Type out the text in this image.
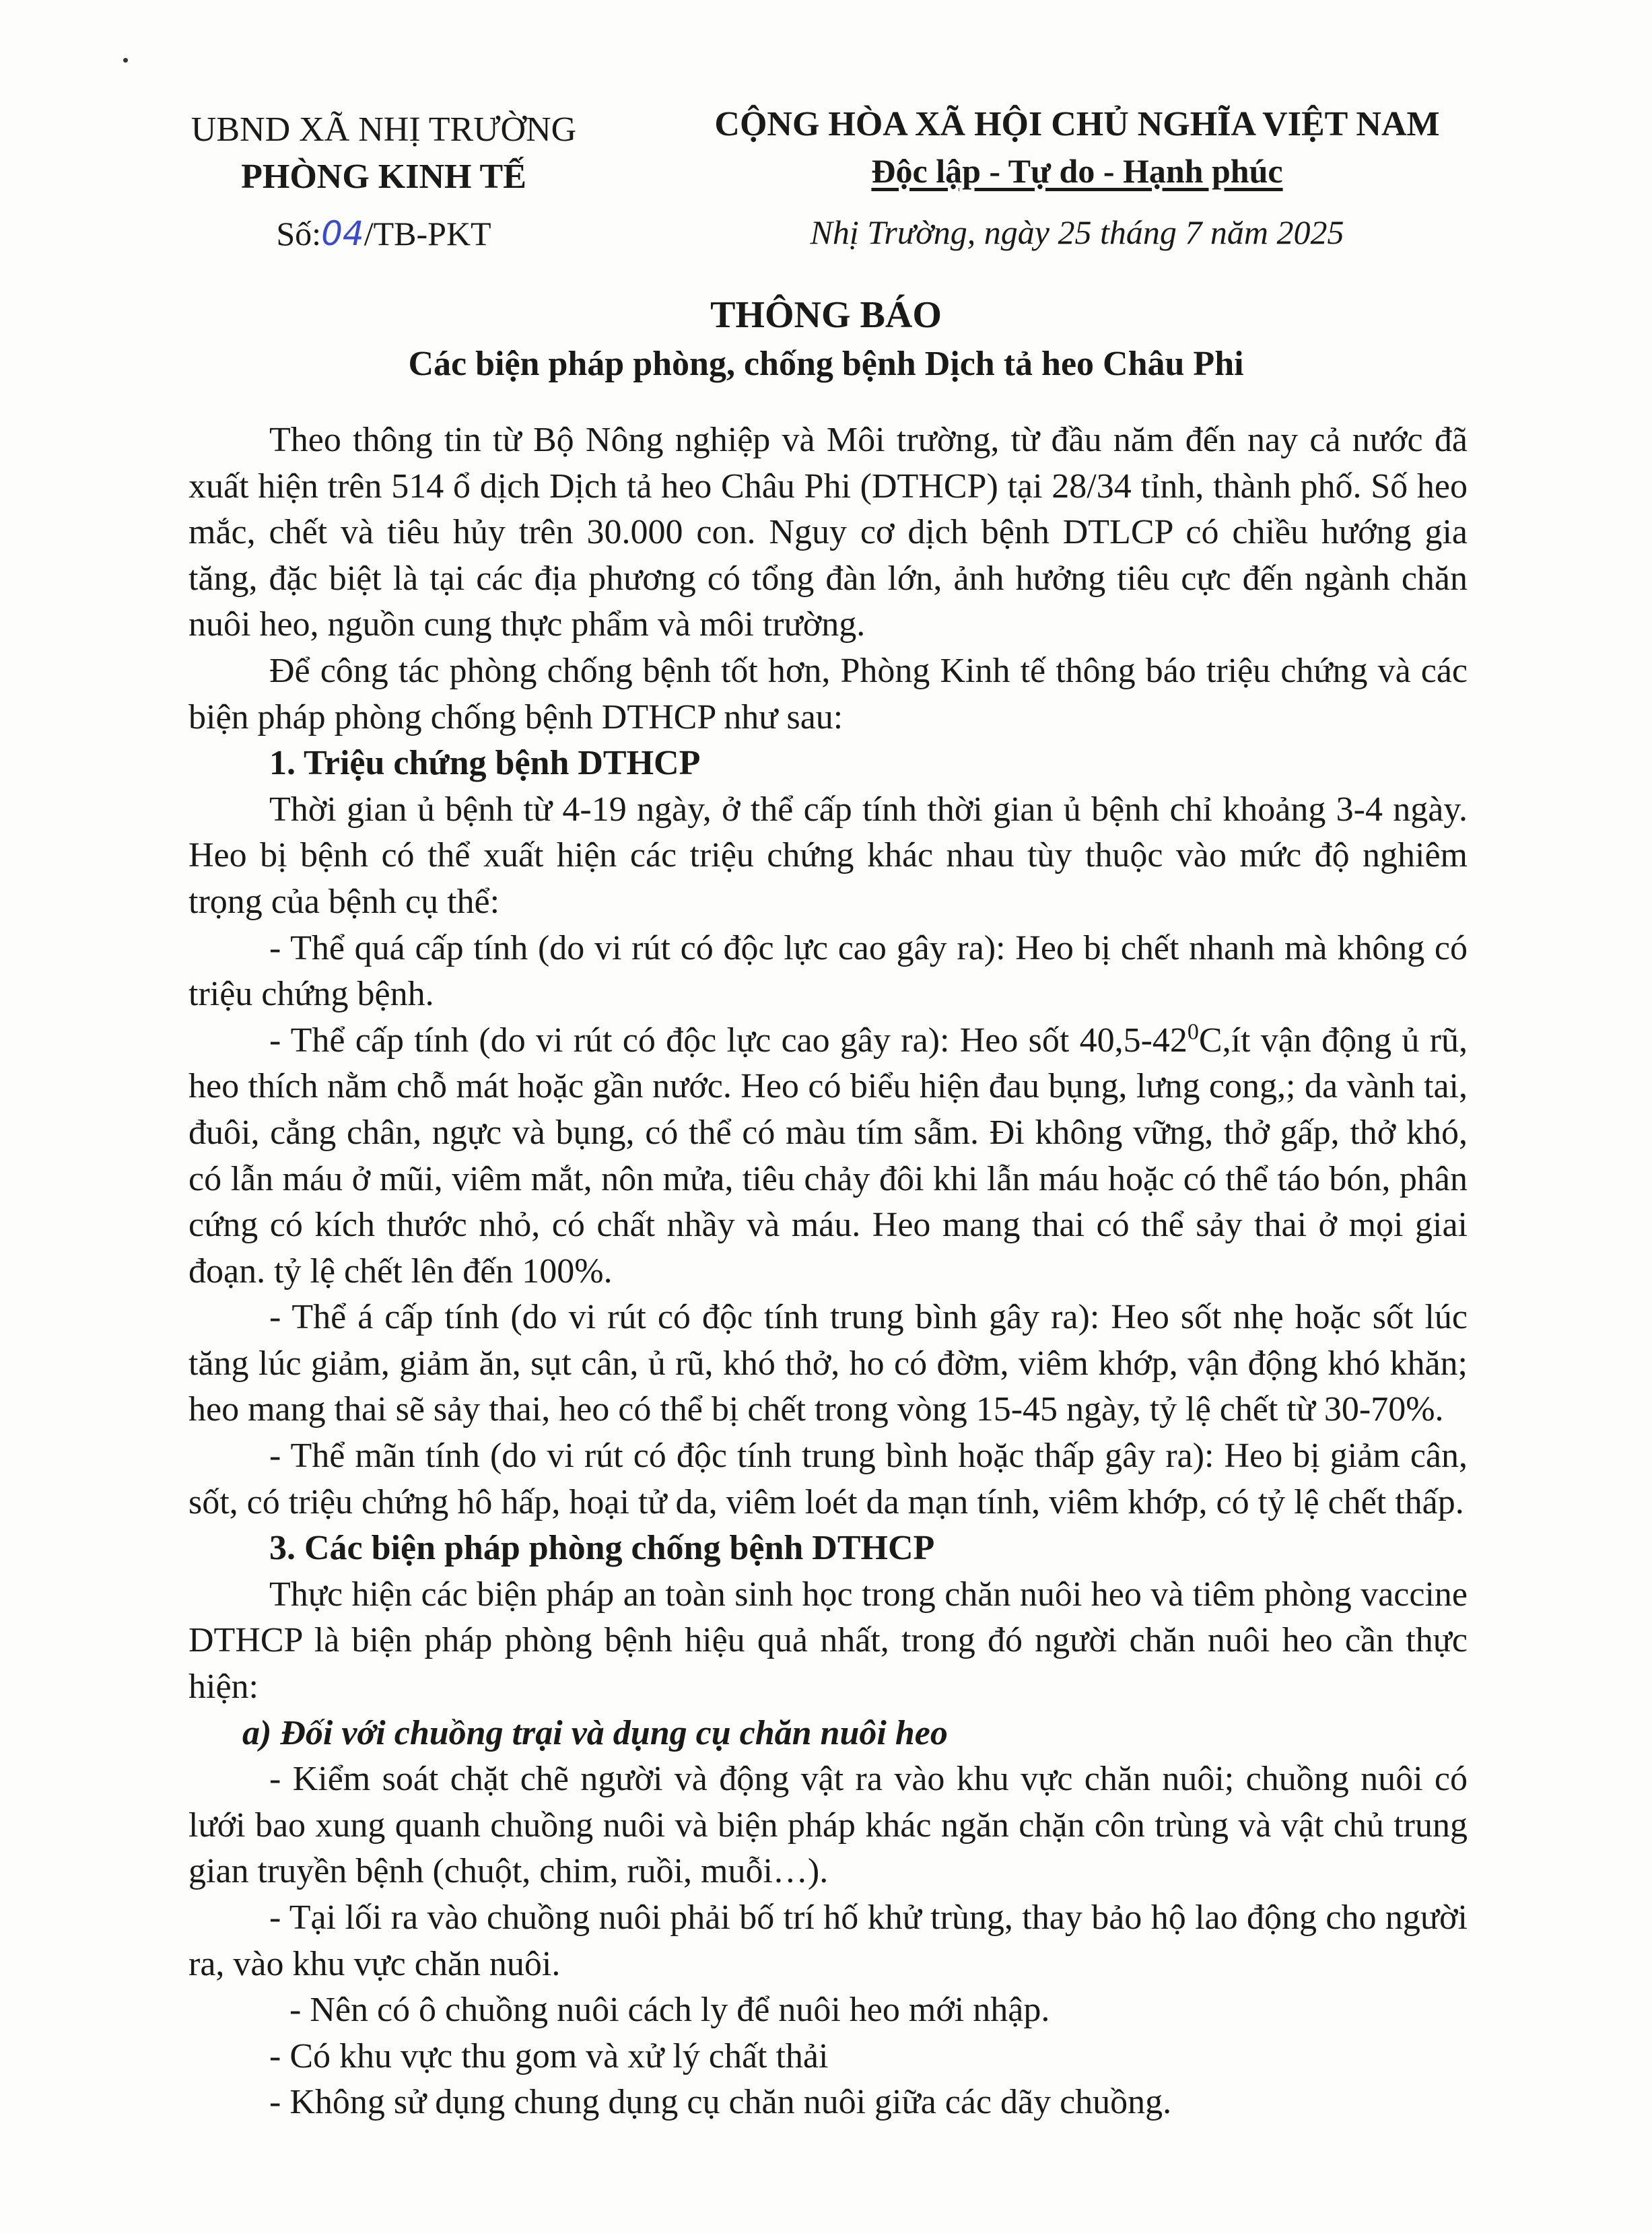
UBND XÃ NHỊ TRƯỜNG
PHÒNG KINH TẾ
Số:04/TB-PKT
CỘNG HÒA XÃ HỘI CHỦ NGHĨA VIỆT NAM
Độc lập - Tự do - Hạnh phúc
Nhị Trường, ngày 25 tháng 7 năm 2025
THÔNG BÁO
Các biện pháp phòng, chống bệnh Dịch tả heo Châu Phi

Theo thông tin từ Bộ Nông nghiệp và Môi trường, từ đầu năm đến nay cả nước đã xuất hiện trên 514 ổ dịch Dịch tả heo Châu Phi (DTHCP) tại 28/34 tỉnh, thành phố. Số heo mắc, chết và tiêu hủy trên 30.000 con. Nguy cơ dịch bệnh DTLCP có chiều hướng gia tăng, đặc biệt là tại các địa phương có tổng đàn lớn, ảnh hưởng tiêu cực đến ngành chăn nuôi heo, nguồn cung thực phẩm và môi trường.

Để công tác phòng chống bệnh tốt hơn, Phòng Kinh tế thông báo triệu chứng và các biện pháp phòng chống bệnh DTHCP như sau:

1. Triệu chứng bệnh DTHCP

Thời gian ủ bệnh từ 4-19 ngày, ở thể cấp tính thời gian ủ bệnh chỉ khoảng 3-4 ngày. Heo bị bệnh có thể xuất hiện các triệu chứng khác nhau tùy thuộc vào mức độ nghiêm trọng của bệnh cụ thể:

- Thể quá cấp tính (do vi rút có độc lực cao gây ra): Heo bị chết nhanh mà không có triệu chứng bệnh.

- Thể cấp tính (do vi rút có độc lực cao gây ra): Heo sốt $40,5-42^0C,ít$ vận động ủ rũ, heo thích nằm chỗ mát hoặc gần nước. Heo có biểu hiện đau bụng, lưng cong,; da vành tai, đuôi, cẳng chân, ngực và bụng, có thể có màu tím sẫm. Đi không vững, thở gấp, thở khó, có lẫn máu ở mũi, viêm mắt, nôn mửa, tiêu chảy đôi khi lẫn máu hoặc có thể táo bón, phân cứng có kích thước nhỏ, có chất nhầy và máu. Heo mang thai có thể sảy thai ở mọi giai đoạn. tỷ lệ chết lên đến 100%.

- Thể á cấp tính (do vi rút có độc tính trung bình gây ra): Heo sốt nhẹ hoặc sốt lúc tăng lúc giảm, giảm ăn, sụt cân, ủ rũ, khó thở, ho có đờm, viêm khớp, vận động khó khăn; heo mang thai sẽ sảy thai, heo có thể bị chết trong vòng 15-45 ngày, tỷ lệ chết từ 30-70%.

- Thể mãn tính (do vi rút có độc tính trung bình hoặc thấp gây ra): Heo bị giảm cân, sốt, có triệu chứng hô hấp, hoại tử da, viêm loét da mạn tính, viêm khớp, có tỷ lệ chết thấp.

3. Các biện pháp phòng chống bệnh DTHCP

Thực hiện các biện pháp an toàn sinh học trong chăn nuôi heo và tiêm phòng vaccine DTHCP là biện pháp phòng bệnh hiệu quả nhất, trong đó người chăn nuôi heo cần thực hiện:

a) Đối với chuồng trại và dụng cụ chăn nuôi heo

- Kiểm soát chặt chẽ người và động vật ra vào khu vực chăn nuôi; chuồng nuôi có lưới bao xung quanh chuồng nuôi và biện pháp khác ngăn chặn côn trùng và vật chủ trung gian truyền bệnh (chuột, chim, ruồi, muỗi…).

- Tại lối ra vào chuồng nuôi phải bố trí hố khử trùng, thay bảo hộ lao động cho người ra, vào khu vực chăn nuôi.

- Nên có ô chuồng nuôi cách ly để nuôi heo mới nhập.

- Có khu vực thu gom và xử lý chất thải

- Không sử dụng chung dụng cụ chăn nuôi giữa các dãy chuồng.
